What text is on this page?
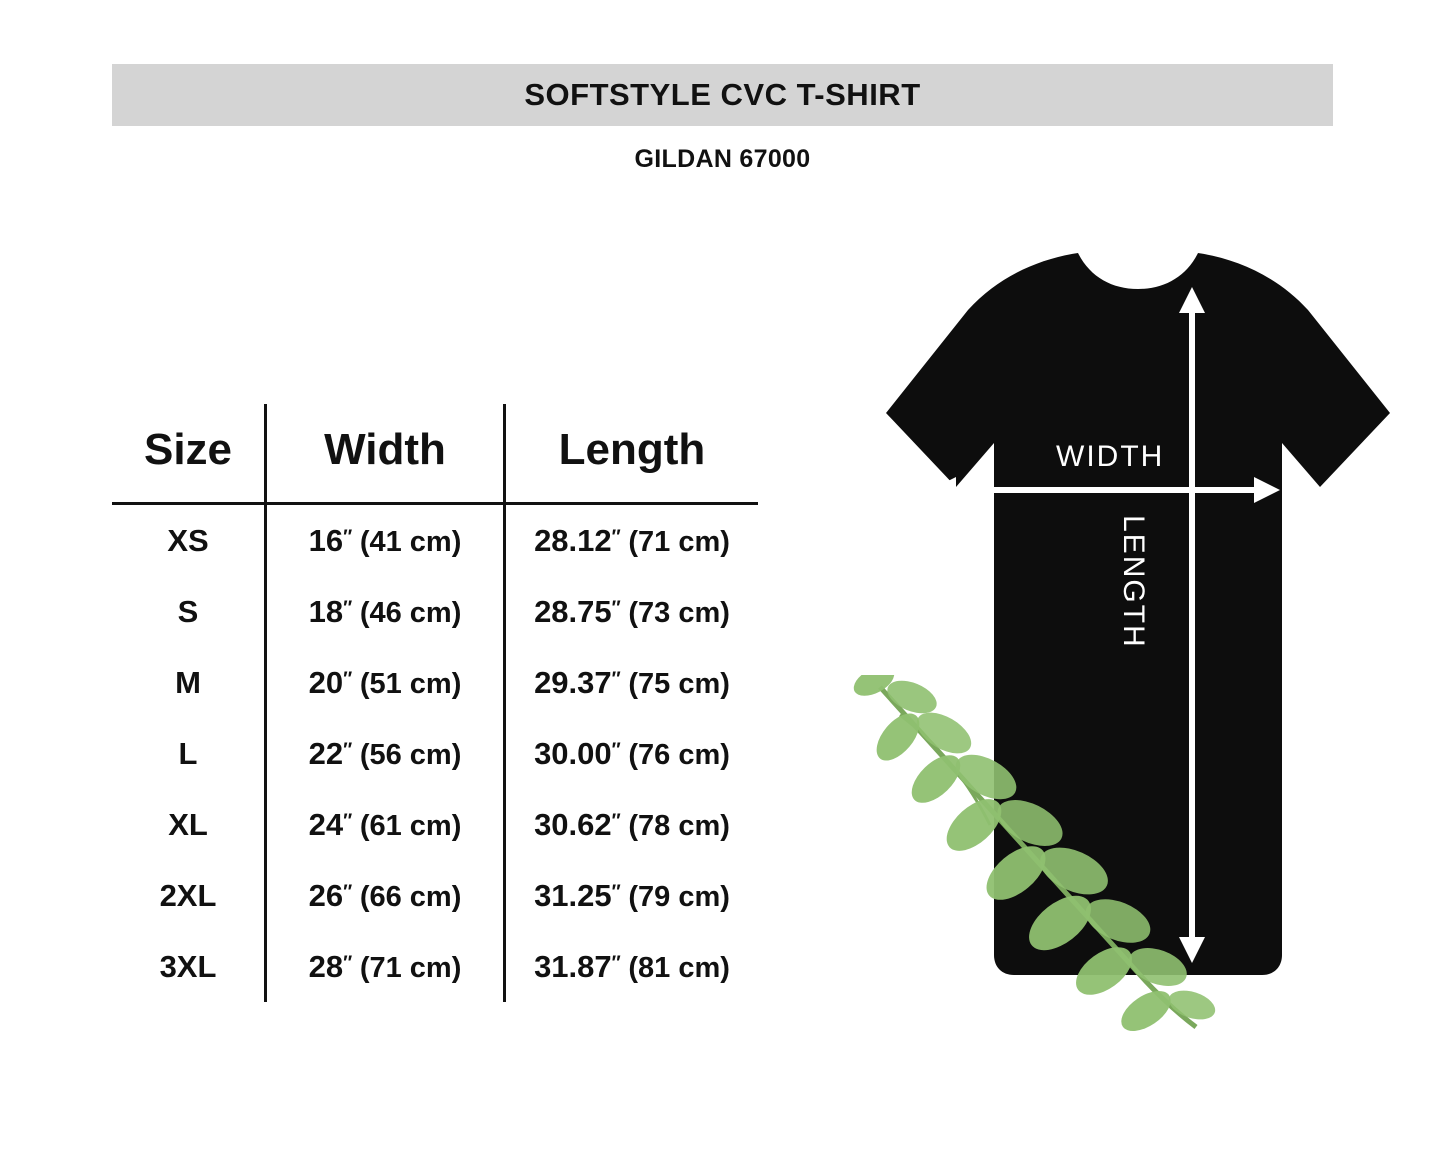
SOFTSTYLE CVC T-SHIRT
GILDAN 67000
Size	Width	Length
XS	16″ (41 cm)	28.12″ (71 cm)
S	18″ (46 cm)	28.75″ (73 cm)
M	20″ (51 cm)	29.37″ (75 cm)
L	22″ (56 cm)	30.00″ (76 cm)
XL	24″ (61 cm)	30.62″ (78 cm)
2XL	26″ (66 cm)	31.25″ (79 cm)
3XL	28″ (71 cm)	31.87″ (81 cm)
WIDTH
LENGTH
